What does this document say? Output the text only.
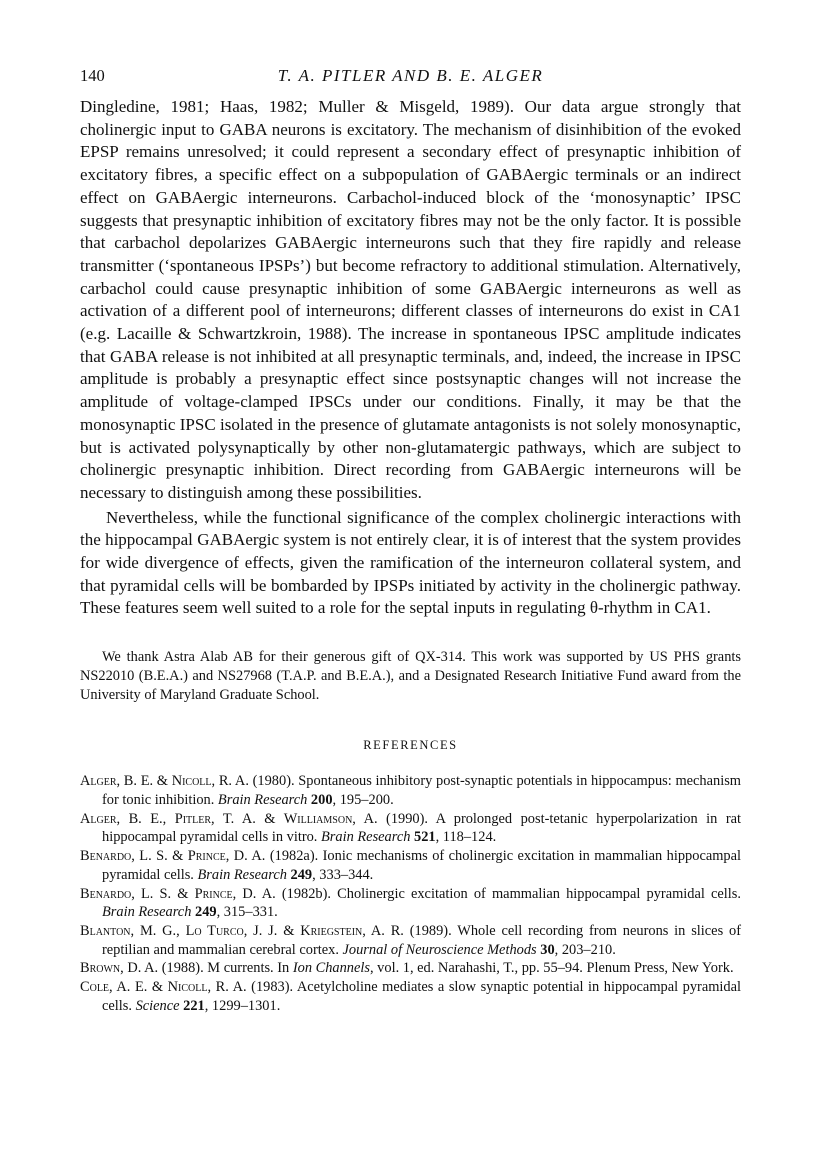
140	T. A. PITLER AND B. E. ALGER

Dingledine, 1981; Haas, 1982; Muller & Misgeld, 1989). Our data argue strongly that cholinergic input to GABA neurons is excitatory. The mechanism of disinhibition of the evoked EPSP remains unresolved; it could represent a secondary effect of presynaptic inhibition of excitatory fibres, a specific effect on a subpopulation of GABAergic terminals or an indirect effect on GABAergic interneurons. Carbachol-induced block of the ‘monosynaptic’ IPSC suggests that presynaptic inhibition of excitatory fibres may not be the only factor. It is possible that carbachol depolarizes GABAergic interneurons such that they fire rapidly and release transmitter (‘spontaneous IPSPs’) but become refractory to additional stimulation. Alternatively, carbachol could cause presynaptic inhibition of some GABAergic interneurons as well as activation of a different pool of interneurons; different classes of interneurons do exist in CA1 (e.g. Lacaille & Schwartzkroin, 1988). The increase in spontaneous IPSC amplitude indicates that GABA release is not inhibited at all presynaptic terminals, and, indeed, the increase in IPSC amplitude is probably a presynaptic effect since postsynaptic changes will not increase the amplitude of voltage-clamped IPSCs under our conditions. Finally, it may be that the monosynaptic IPSC isolated in the presence of glutamate antagonists is not solely monosynaptic, but is activated polysynaptically by other non-glutamatergic pathways, which are subject to cholinergic presynaptic inhibition. Direct recording from GABAergic interneurons will be necessary to distinguish among these possibilities.

Nevertheless, while the functional significance of the complex cholinergic interactions with the hippocampal GABAergic system is not entirely clear, it is of interest that the system provides for wide divergence of effects, given the ramification of the interneuron collateral system, and that pyramidal cells will be bombarded by IPSPs initiated by activity in the cholinergic pathway. These features seem well suited to a role for the septal inputs in regulating θ-rhythm in CA1.

We thank Astra Alab AB for their generous gift of QX-314. This work was supported by US PHS grants NS22010 (B.E.A.) and NS27968 (T.A.P. and B.E.A.), and a Designated Research Initiative Fund award from the University of Maryland Graduate School.
REFERENCES
Alger, B. E. & Nicoll, R. A. (1980). Spontaneous inhibitory post-synaptic potentials in hippocampus: mechanism for tonic inhibition. Brain Research 200, 195–200.
Alger, B. E., Pitler, T. A. & Williamson, A. (1990). A prolonged post-tetanic hyperpolarization in rat hippocampal pyramidal cells in vitro. Brain Research 521, 118–124.
Benardo, L. S. & Prince, D. A. (1982a). Ionic mechanisms of cholinergic excitation in mammalian hippocampal pyramidal cells. Brain Research 249, 333–344.
Benardo, L. S. & Prince, D. A. (1982b). Cholinergic excitation of mammalian hippocampal pyramidal cells. Brain Research 249, 315–331.
Blanton, M. G., Lo Turco, J. J. & Kriegstein, A. R. (1989). Whole cell recording from neurons in slices of reptilian and mammalian cerebral cortex. Journal of Neuroscience Methods 30, 203–210.
Brown, D. A. (1988). M currents. In Ion Channels, vol. 1, ed. Narahashi, T., pp. 55–94. Plenum Press, New York.
Cole, A. E. & Nicoll, R. A. (1983). Acetylcholine mediates a slow synaptic potential in hippocampal pyramidal cells. Science 221, 1299–1301.
